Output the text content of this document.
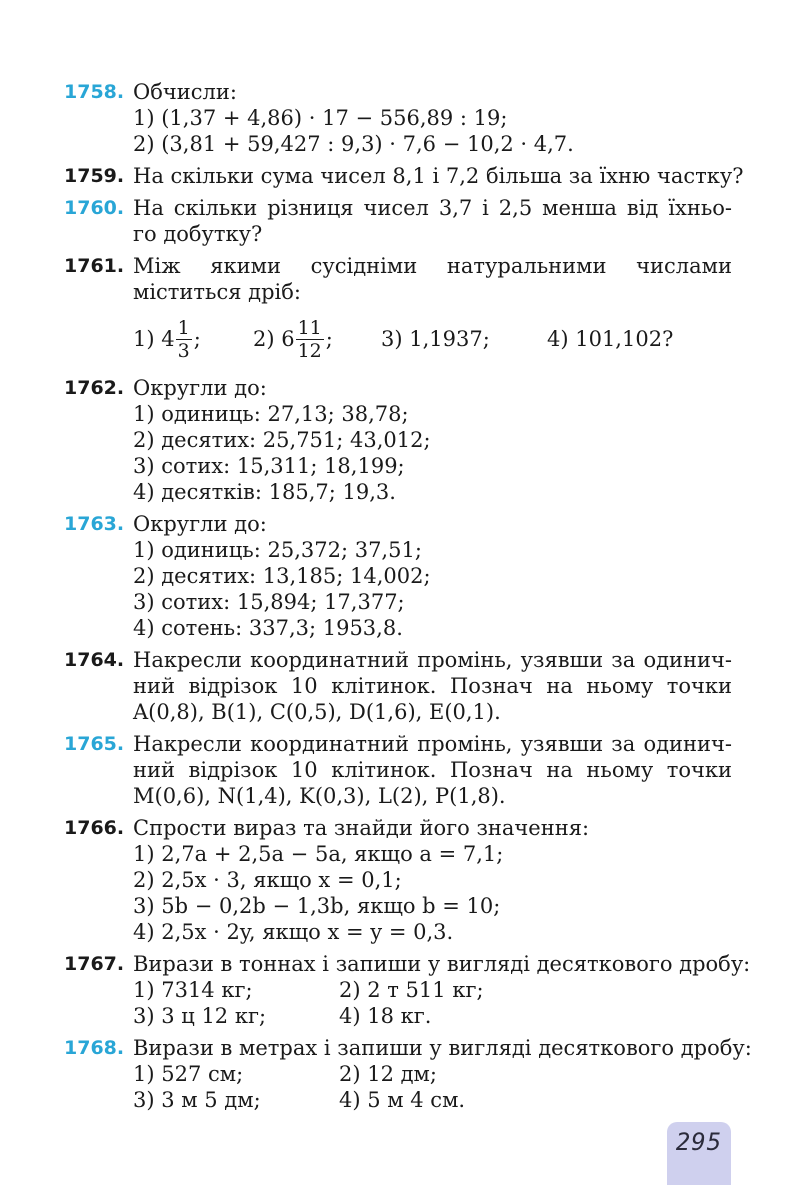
1758. Обчисли:
1) (1,37 + 4,86) · 17 − 556,89 : 19;
2) (3,81 + 59,427 : 9,3) · 7,6 − 10,2 · 4,7.
1759. На скільки сума чисел 8,1 і 7,2 більша за їхню частку?
1760. На скільки різниця чисел 3,7 і 2,5 менша від їхньо-
го добутку?
1761. Між якими сусідніми натуральними числами
міститься дріб:
1) $4 \frac{1}{3}$ ; 2) $6 \frac{11}{12}$ ; 3) 1,1937;	4) 101,102?
1762. Округли до:
1) одиниць: 27,13; 38,78;
2) десятих: 25,751; 43,012;
3) сотих: 15,311; 18,199;
4) десятків: 185,7; 19,3.
1763. Округли до:
1) одиниць: 25,372; 37,51;
2) десятих: 13,185; 14,002;
3) сотих: 15,894; 17,377;
4) сотень: 337,3; 1953,8.
1764. Накресли координатний промінь, узявши за одинич-
ний відрізок 10 клітинок. Познач на ньому точки
A(0,8), B(1), C(0,5), D(1,6), E(0,1).
1765. Накресли координатний промінь, узявши за одинич-
ний відрізок 10 клітинок. Познач на ньому точки
M(0,6), N(1,4), K(0,3), L(2), P(1,8).
1766. Спрости вираз та знайди його значення:
1) 2,7a + 2,5a − 5a, якщо a = 7,1;
2) 2,5x · 3, якщо x = 0,1;
3) 5b − 0,2b − 1,3b, якщо b = 10;
4) 2,5x · 2y, якщо x = y = 0,3.
1767. Вирази в тоннах і запиши у вигляді десяткового дробу:
1) 7314 кг;	2) 2 т 511 кг;
3) 3 ц 12 кг;	4) 18 кг.
1768. Вирази в метрах і запиши у вигляді десяткового дробу:
1) 527 см;	2) 12 дм;
3) 3 м 5 дм;	4) 5 м 4 см.
295
